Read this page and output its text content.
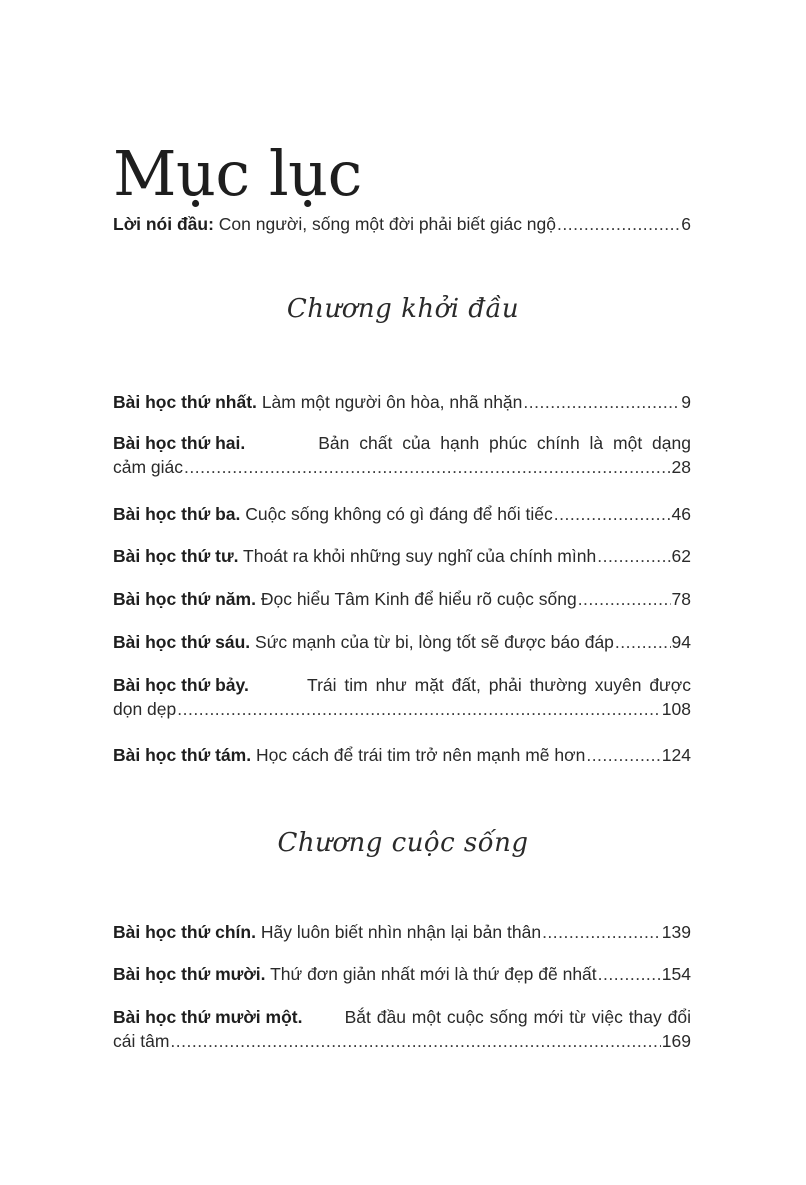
Mục lục
Lời nói đầu: Con người, sống một đời phải biết giác ngộ .....	6
Chương khởi đầu
Bài học thứ nhất. Làm một người ôn hòa, nhã nhặn .....	9
Bài học thứ hai.	Bản chất của hạnh phúc chính là một dạng
cảm giác .....	28
Bài học thứ ba. Cuộc sống không có gì đáng để hối tiếc .....	46
Bài học thứ tư. Thoát ra khỏi những suy nghĩ của chính mình .....	62
Bài học thứ năm. Đọc hiểu Tâm Kinh để hiểu rõ cuộc sống .....	78
Bài học thứ sáu. Sức mạnh của từ bi, lòng tốt sẽ được báo đáp .....	94
Bài học thứ bảy.	Trái tim như mặt đất, phải thường xuyên được
dọn dẹp .....	108
Bài học thứ tám. Học cách để trái tim trở nên mạnh mẽ hơn .....	124
Chương cuộc sống
Bài học thứ chín. Hãy luôn biết nhìn nhận lại bản thân .....	139
Bài học thứ mười. Thứ đơn giản nhất mới là thứ đẹp đẽ nhất .....	154
Bài học thứ mười một. Bắt đầu một cuộc sống mới từ việc thay đổi
cái tâm .....	169
